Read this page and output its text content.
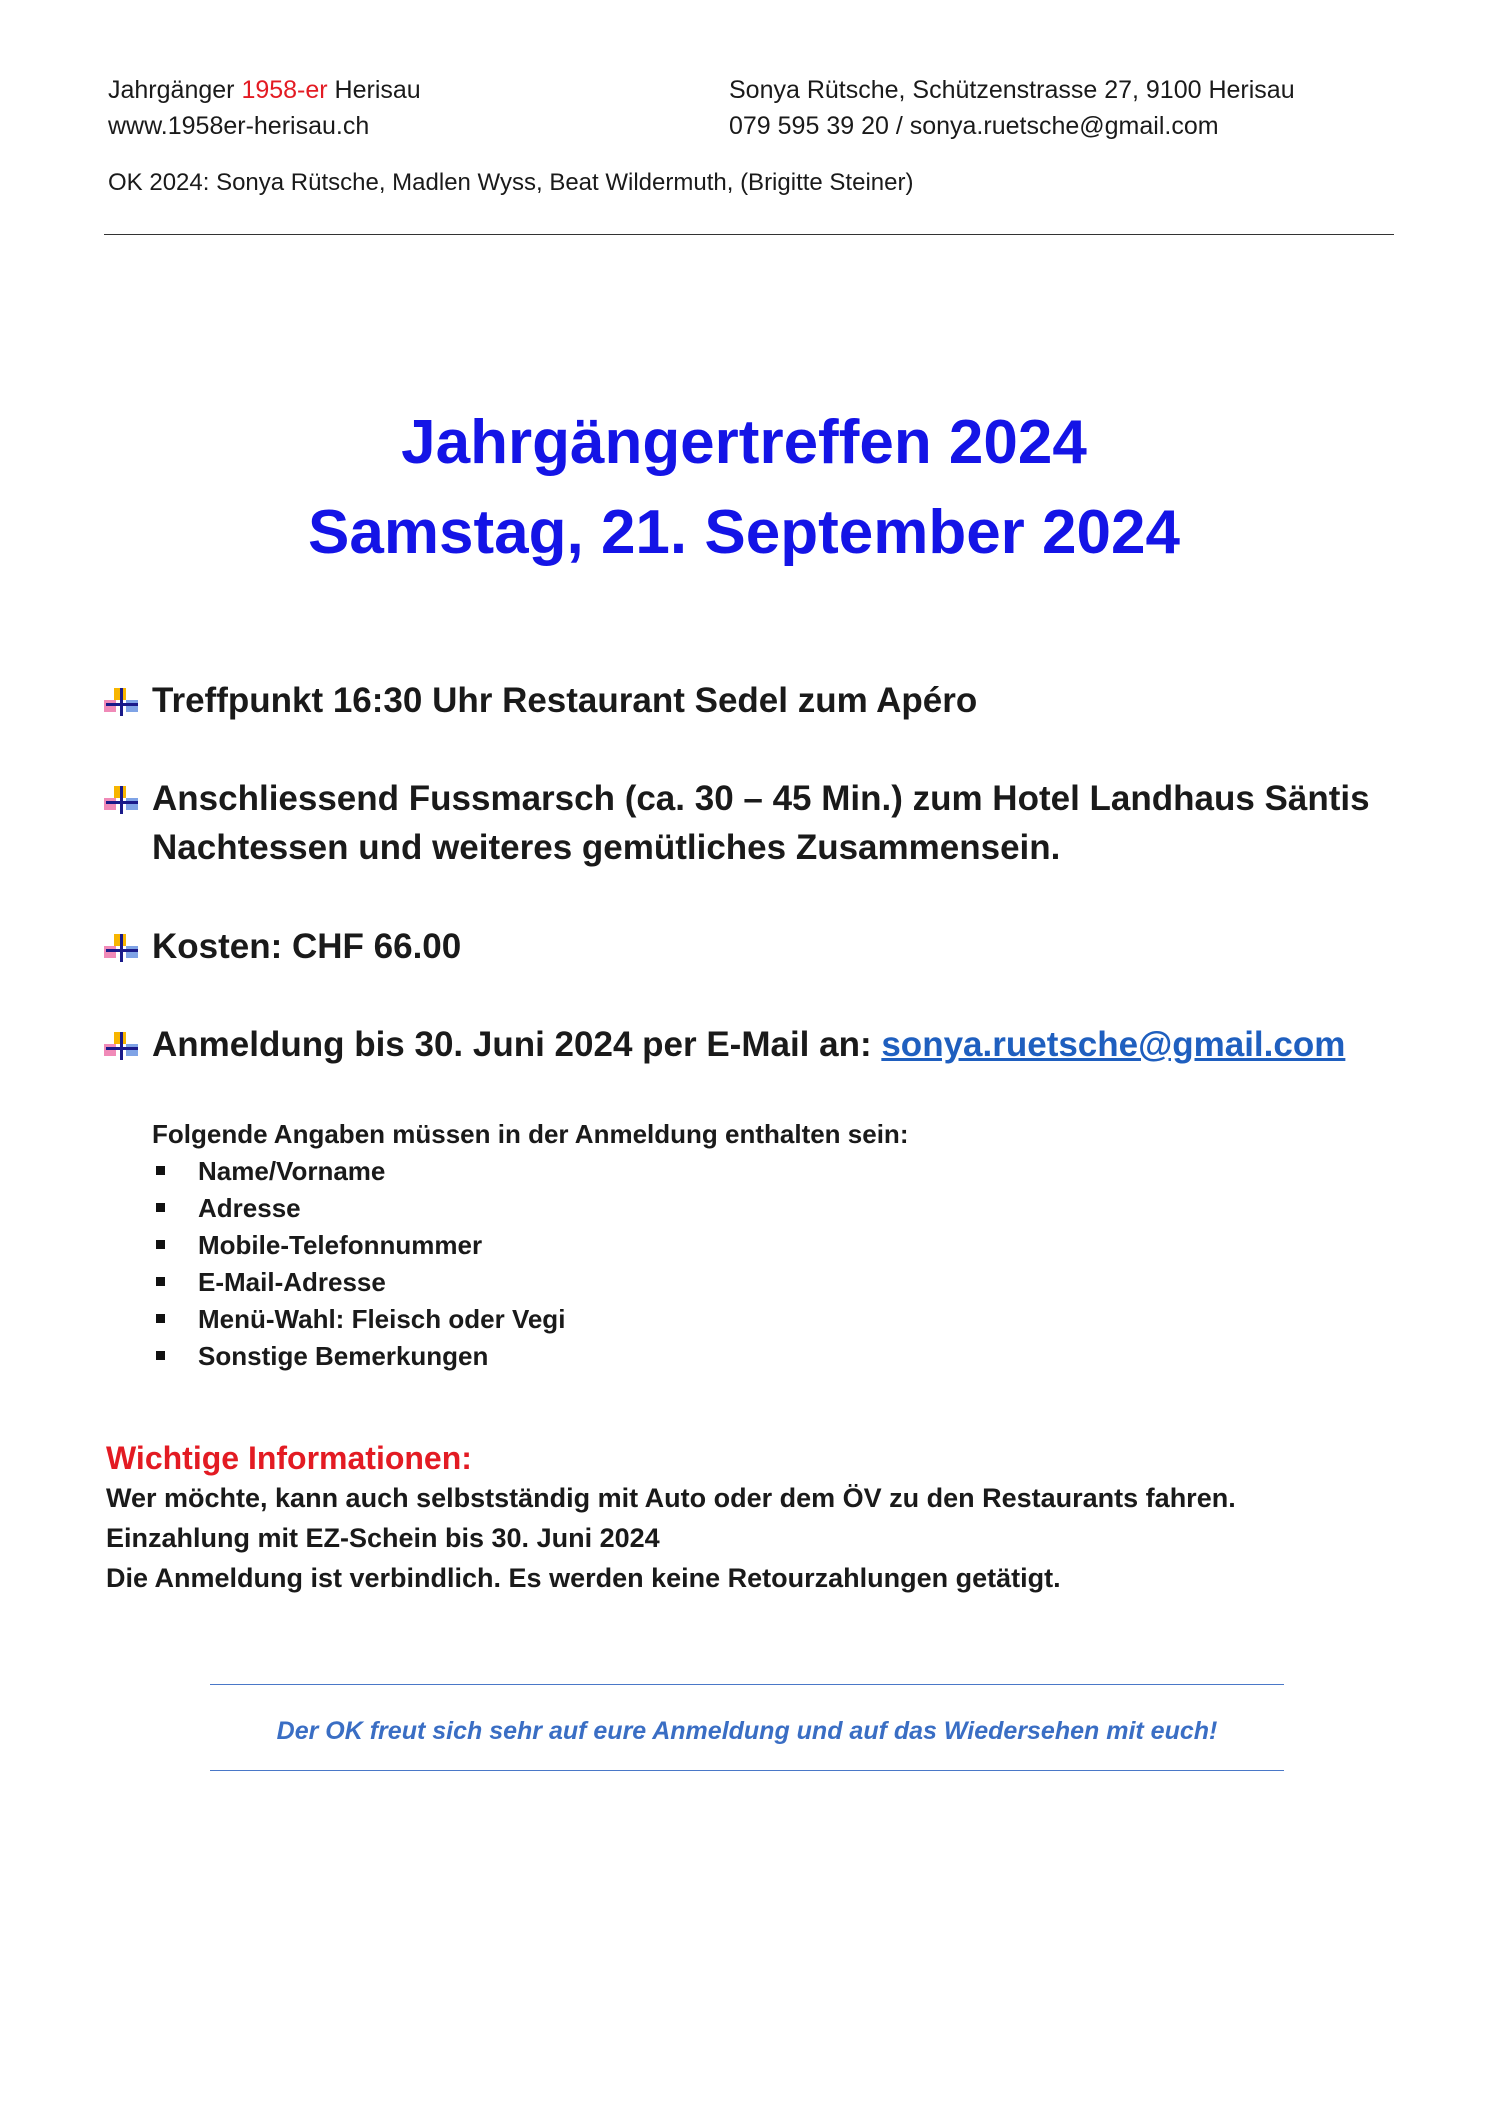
Jahrgänger 1958-er Herisau
www.1958er-herisau.ch
Sonya Rütsche, Schützenstrasse 27, 9100 Herisau
079 595 39 20 / sonya.ruetsche@gmail.com
OK 2024: Sonya Rütsche, Madlen Wyss, Beat Wildermuth, (Brigitte Steiner)
Jahrgängertreffen 2024
Samstag, 21. September 2024
Treffpunkt 16:30 Uhr Restaurant Sedel zum Apéro
Anschliessend Fussmarsch (ca. 30 – 45 Min.) zum Hotel Landhaus Säntis
Nachtessen und weiteres gemütliches Zusammensein.
Kosten: CHF 66.00
Anmeldung bis 30. Juni 2024 per E-Mail an: sonya.ruetsche@gmail.com
Folgende Angaben müssen in der Anmeldung enthalten sein:
Name/Vorname
Adresse
Mobile-Telefonnummer
E-Mail-Adresse
Menü-Wahl: Fleisch oder Vegi
Sonstige Bemerkungen
Wichtige Informationen:
Wer möchte, kann auch selbstständig mit Auto oder dem ÖV zu den Restaurants fahren.
Einzahlung mit EZ-Schein bis 30. Juni 2024
Die Anmeldung ist verbindlich. Es werden keine Retourzahlungen getätigt.
Der OK freut sich sehr auf eure Anmeldung und auf das Wiedersehen mit euch!
